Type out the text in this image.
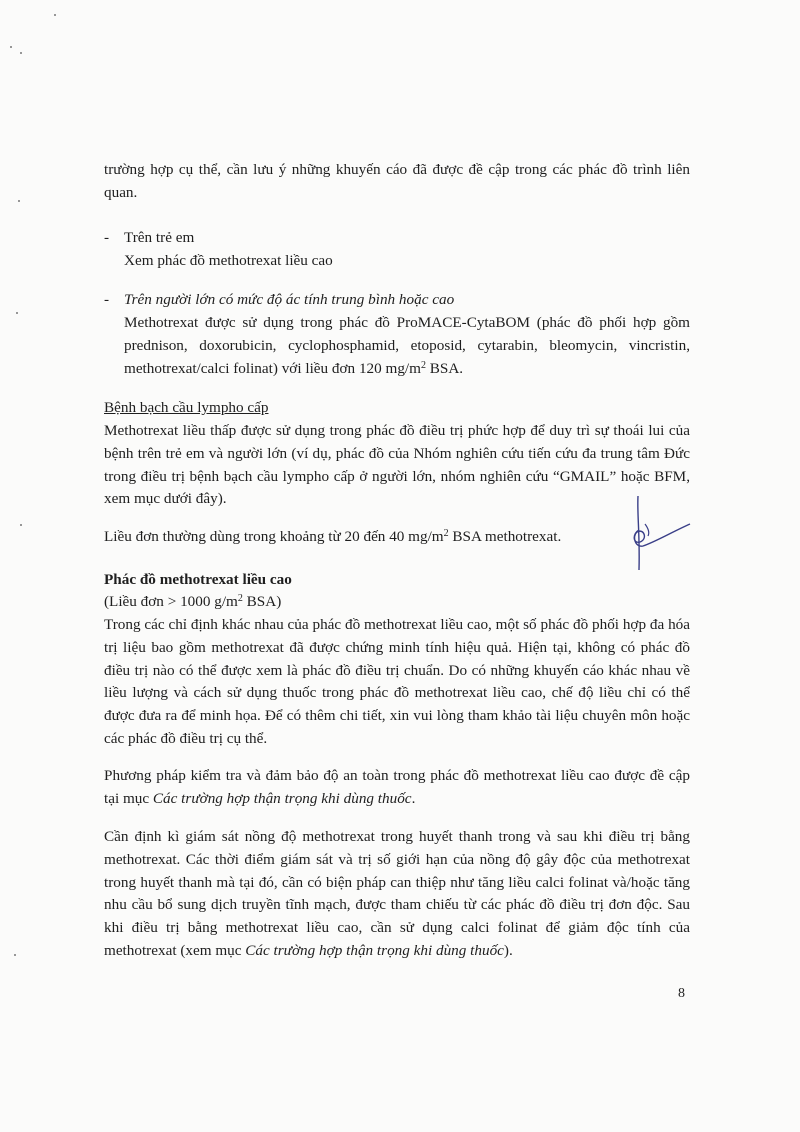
trường hợp cụ thể, cần lưu ý những khuyến cáo đã được đề cập trong các phác đồ trình liên quan.

- Trên trẻ em

Xem phác đồ methotrexat liều cao

- Trên người lớn có mức độ ác tính trung bình hoặc cao

Methotrexat được sử dụng trong phác đồ ProMACE-CytaBOM (phác đồ phối hợp gồm prednison, doxorubicin, cyclophosphamid, etoposid, cytarabin, bleomycin, vincristin, methotrexat/calci folinat) với liều đơn 120 $mg/m^2$ BSA.

Bệnh bạch cầu lympho cấp

Methotrexat liều thấp được sử dụng trong phác đồ điều trị phức hợp để duy trì sự thoái lui của bệnh trên trẻ em và người lớn (ví dụ, phác đồ của Nhóm nghiên cứu tiến cứu đa trung tâm Đức trong điều trị bệnh bạch cầu lympho cấp ở người lớn, nhóm nghiên cứu “GMAIL” hoặc BFM, xem mục dưới đây).

Liều đơn thường dùng trong khoảng từ 20 đến 40 $mg/m^2$ BSA methotrexat.

Phác đồ methotrexat liều cao

(Liều đơn > 1000 $g/m^2$ BSA)

Trong các chỉ định khác nhau của phác đồ methotrexat liều cao, một số phác đồ phối hợp đa hóa trị liệu bao gồm methotrexat đã được chứng minh tính hiệu quả. Hiện tại, không có phác đồ điều trị nào có thể được xem là phác đồ điều trị chuẩn. Do có những khuyến cáo khác nhau về liều lượng và cách sử dụng thuốc trong phác đồ methotrexat liều cao, chế độ liều chỉ có thể được đưa ra để minh họa. Để có thêm chi tiết, xin vui lòng tham khảo tài liệu chuyên môn hoặc các phác đồ điều trị cụ thể.

Phương pháp kiểm tra và đảm bảo độ an toàn trong phác đồ methotrexat liều cao được đề cập tại mục Các trường hợp thận trọng khi dùng thuốc.

Cần định kì giám sát nồng độ methotrexat trong huyết thanh trong và sau khi điều trị bằng methotrexat. Các thời điểm giám sát và trị số giới hạn của nồng độ gây độc của methotrexat trong huyết thanh mà tại đó, cần có biện pháp can thiệp như tăng liều calci folinat và/hoặc tăng nhu cầu bổ sung dịch truyền tĩnh mạch, được tham chiếu từ các phác đồ điều trị đơn độc. Sau khi điều trị bằng methotrexat liều cao, cần sử dụng calci folinat để giảm độc tính của methotrexat (xem mục Các trường hợp thận trọng khi dùng thuốc).

8
